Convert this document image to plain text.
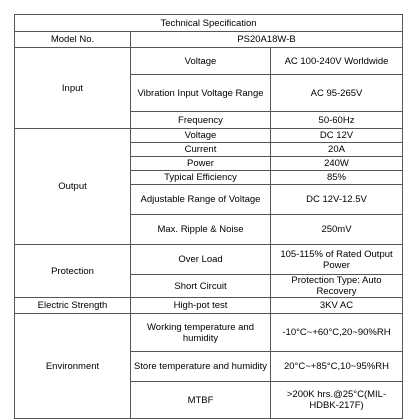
Technical Specification		
Model No.	PS20A18W-B	
Input	Voltage	AC 100-240V Worldwide
	Vibration Input Voltage Range	AC 95-265V
	Frequency	50-60Hz
Output	Voltage	DC 12V
	Current	20A
	Power	240W
	Typical Efficiency	85%
	Adjustable Range of Voltage	DC 12V-12.5V
	Max. Ripple & Noise	250mV
Protection	Over Load	105-115% of Rated Output Power
	Short Circuit	Protection Type: Auto Recovery
Electric Strength	High-pot test	3KV AC
Environment	Working temperature and humidity	-10°C~+60°C,20~90%RH
	Store temperature and humidity	20°C~+85°C,10~95%RH
	MTBF	>200K hrs.@25°C(MIL-HDBK-217F)
